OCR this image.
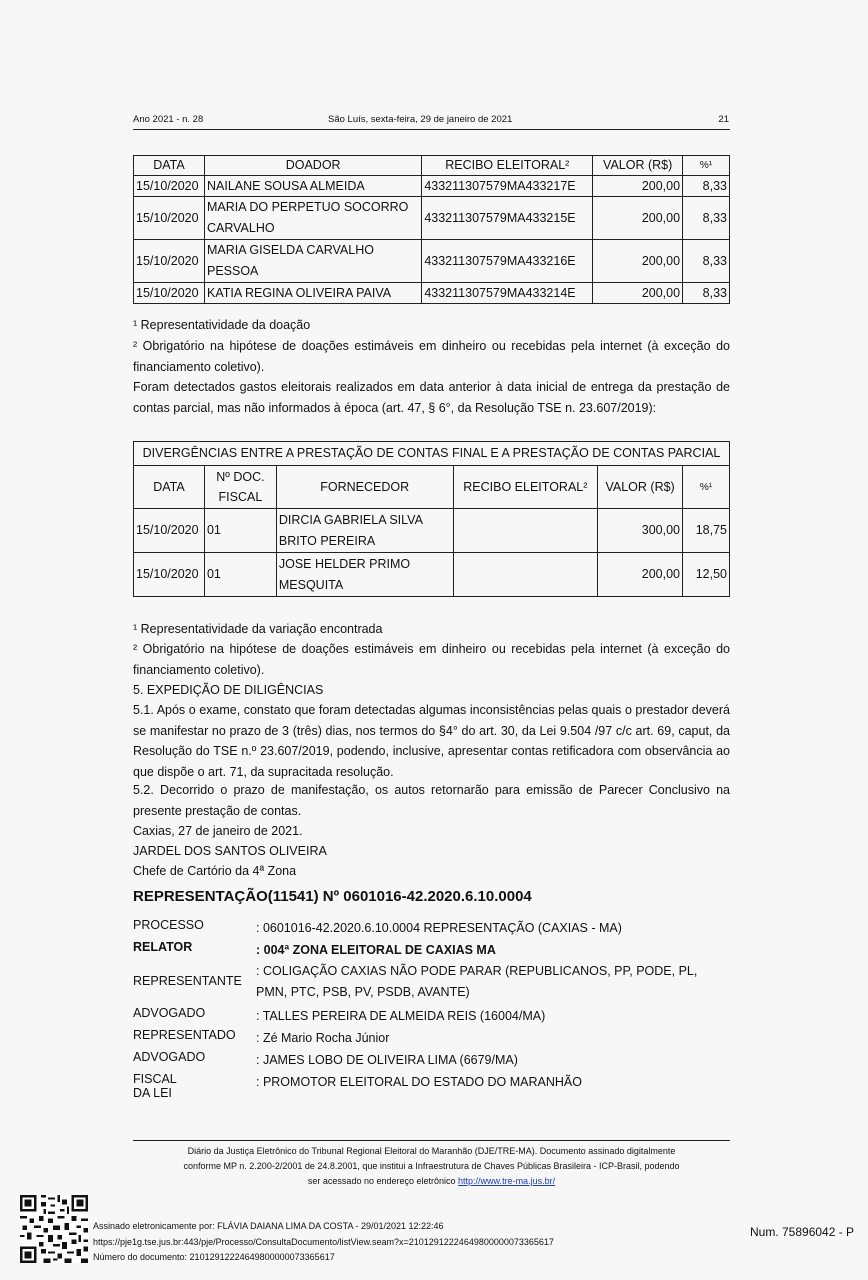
Ano 2021 - n. 28	São Luís, sexta-feira, 29 de janeiro de 2021	21
DATA	DOADOR	RECIBO ELEITORAL²	VALOR (R$)	%¹
15/10/2020	NAILANE SOUSA ALMEIDA	433211307579MA433217E	200,00	8,33
15/10/2020	MARIA DO PERPETUO SOCORRO CARVALHO	433211307579MA433215E	200,00	8,33
15/10/2020	MARIA GISELDA CARVALHO PESSOA	433211307579MA433216E	200,00	8,33
15/10/2020	KATIA REGINA OLIVEIRA PAIVA	433211307579MA433214E	200,00	8,33
¹ Representatividade da doação
² Obrigatório na hipótese de doações estimáveis em dinheiro ou recebidas pela internet (à exceção do financiamento coletivo).
Foram detectados gastos eleitorais realizados em data anterior à data inicial de entrega da prestação de contas parcial, mas não informados à época (art. 47, § 6°, da Resolução TSE n. 23.607/2019):
DIVERGÊNCIAS ENTRE A PRESTAÇÃO DE CONTAS FINAL E A PRESTAÇÃO DE CONTAS PARCIAL					
DATA	Nº DOC. FISCAL	FORNECEDOR	RECIBO ELEITORAL²	VALOR (R$)	%¹
15/10/2020	01	DIRCIA GABRIELA SILVA BRITO PEREIRA		300,00	18,75
15/10/2020	01	JOSE HELDER PRIMO MESQUITA		200,00	12,50
¹ Representatividade da variação encontrada
² Obrigatório na hipótese de doações estimáveis em dinheiro ou recebidas pela internet (à exceção do financiamento coletivo).
5. EXPEDIÇÃO DE DILIGÊNCIAS
5.1. Após o exame, constato que foram detectadas algumas inconsistências pelas quais o prestador deverá se manifestar no prazo de 3 (três) dias, nos termos do §4° do art. 30, da Lei 9.504 /97 c/c art. 69, caput, da Resolução do TSE n.º 23.607/2019, podendo, inclusive, apresentar contas retificadora com observância ao que dispõe o art. 71, da supracitada resolução.
5.2. Decorrido o prazo de manifestação, os autos retornarão para emissão de Parecer Conclusivo na presente prestação de contas.
Caxias, 27 de janeiro de 2021.
JARDEL DOS SANTOS OLIVEIRA
Chefe de Cartório da 4ª Zona
REPRESENTAÇÃO(11541) Nº 0601016-42.2020.6.10.0004
PROCESSO	: 0601016-42.2020.6.10.0004 REPRESENTAÇÃO (CAXIAS - MA)
RELATOR	: 004ª ZONA ELEITORAL DE CAXIAS MA
REPRESENTANTE
: COLIGAÇÃO CAXIAS NÃO PODE PARAR (REPUBLICANOS, PP, PODE, PL, PMN, PTC, PSB, PV, PSDB, AVANTE)
ADVOGADO	: TALLES PEREIRA DE ALMEIDA REIS (16004/MA)
REPRESENTADO : Zé Mario Rocha Júnior
ADVOGADO	: JAMES LOBO DE OLIVEIRA LIMA (6679/MA)
FISCAL DA LEI
: PROMOTOR ELEITORAL DO ESTADO DO MARANHÃO
Diário da Justiça Eletrônico do Tribunal Regional Eleitoral do Maranhão (DJE/TRE-MA). Documento assinado digitalmente
conforme MP n. 2.200-2/2001 de 24.8.2001, que institui a Infraestrutura de Chaves Públicas Brasileira - ICP-Brasil, podendo
ser acessado no endereço eletrônico http://www.tre-ma.jus.br/
Assinado eletronicamente por: FLÁVIA DAIANA LIMA DA COSTA - 29/01/2021 12:22:46
https://pje1g.tse.jus.br:443/pje/Processo/ConsultaDocumento/listView.seam?x=21012912224649800000073365617
Número do documento: 21012912224649800000073365617
Num. 75896042 - P
